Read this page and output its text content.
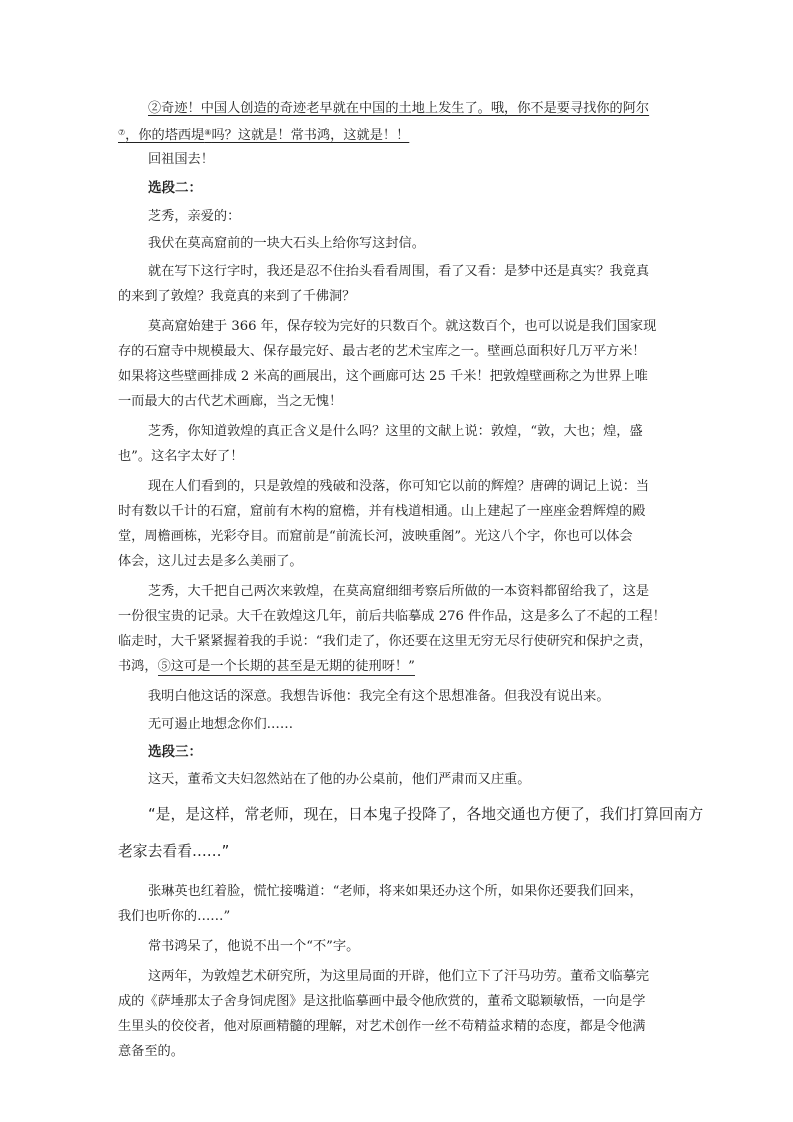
②奇迹！中国人创造的奇迹老早就在中国的土地上发生了。哦，你不是要寻找你的阿尔
⑦，你的塔西堤⑧吗？这就是！常书鸿，这就是！！
回祖国去！
选段二：
芝秀，亲爱的：
我伏在莫高窟前的一块大石头上给你写这封信。
就在写下这行字时，我还是忍不住抬头看看周围，看了又看：是梦中还是真实？我竟真
的来到了敦煌？我竟真的来到了千佛洞？
莫高窟始建于 366 年，保存较为完好的只数百个。就这数百个，也可以说是我们国家现
存的石窟寺中规模最大、保存最完好、最古老的艺术宝库之一。壁画总面积好几万平方米！
如果将这些壁画排成 2 米高的画展出，这个画廊可达 25 千米！把敦煌壁画称之为世界上唯
一而最大的古代艺术画廊，当之无愧！
芝秀，你知道敦煌的真正含义是什么吗？这里的文献上说：敦煌，“敦，大也；煌，盛
也”。这名字太好了！
现在人们看到的，只是敦煌的残破和没落，你可知它以前的辉煌？唐碑的调记上说：当
时有数以千计的石窟，窟前有木构的窟檐，并有栈道相通。山上建起了一座座金碧辉煌的殿
堂，周檐画栋，光彩夺目。而窟前是“前流长河，波映重阁”。光这八个字，你也可以体会
体会，这儿过去是多么美丽了。
芝秀，大千把自己两次来敦煌，在莫高窟细细考察后所做的一本资料都留给我了，这是
一份很宝贵的记录。大千在敦煌这几年，前后共临摹成 276 件作品，这是多么了不起的工程！
临走时，大千紧紧握着我的手说：“我们走了，你还要在这里无穷无尽行使研究和保护之责，
书鸿，⑤这可是一个长期的甚至是无期的徒刑呀！”
我明白他这话的深意。我想告诉他：我完全有这个思想准备。但我没有说出来。
无可遏止地想念你们……
选段三：
这天，董希文夫妇忽然站在了他的办公桌前，他们严肃而又庄重。
“是，是这样，常老师，现在，日本鬼子投降了，各地交通也方便了，我们打算回南方
老家去看看……”
张琳英也红着脸，慌忙接嘴道：“老师，将来如果还办这个所，如果你还要我们回来，
我们也听你的……”
常书鸿呆了，他说不出一个“不”字。
这两年，为敦煌艺术研究所，为这里局面的开辟，他们立下了汗马功劳。董希文临摹完
成的《萨埵那太子舍身饲虎图》是这批临摹画中最令他欣赏的，董希文聪颖敏悟，一向是学
生里头的佼佼者，他对原画精髓的理解，对艺术创作一丝不苟精益求精的态度，都是令他满
意备至的。
